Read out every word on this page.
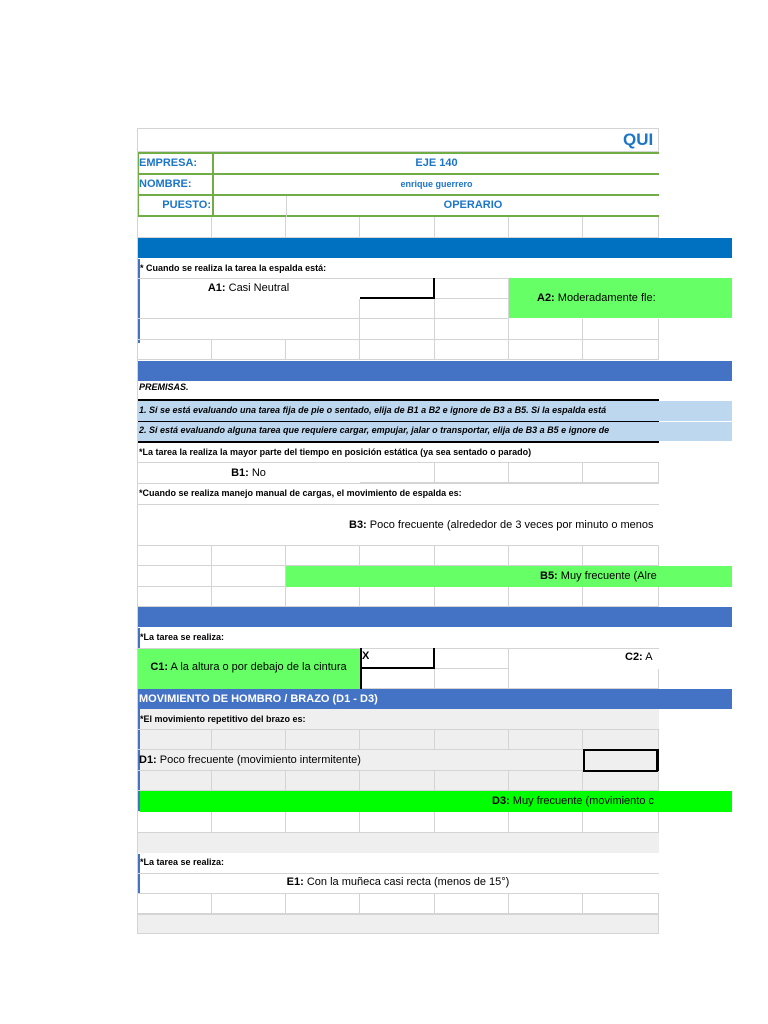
QUI
EMPRESA:	EJE 140
NOMBRE:	enrique guerrero
PUESTO:	OPERARIO
* Cuando se realiza la tarea la espalda está:
A1: Casi Neutral
A2: Moderadamente fle:
PREMISAS.
1. Si se está evaluando una tarea fija de pie o sentado, elija de B1 a B2 e ignore de B3 a B5. Si la espalda está
2. Si está evaluando alguna tarea que requiere cargar, empujar, jalar o transportar, elija de B3 a B5 e ignore de
*La tarea la realiza la mayor parte del tiempo en posición estática (ya sea sentado o parado)
B1: No
*Cuando se realiza manejo manual de cargas, el movimiento de espalda es:
B3: Poco frecuente (alrededor de 3 veces por minuto o menos
B5: Muy frecuente (Alre
*La tarea se realiza:
C1: A la altura o por debajo de la cintura
X	C2: A
MOVIMIENTO DE HOMBRO / BRAZO (D1 - D3)
*El movimiento repetitivo del brazo es:
D1: Poco frecuente (movimiento intermitente)
D3: Muy frecuente (movimiento c
*La tarea se realiza:
E1: Con la muñeca casi recta (menos de 15°)
